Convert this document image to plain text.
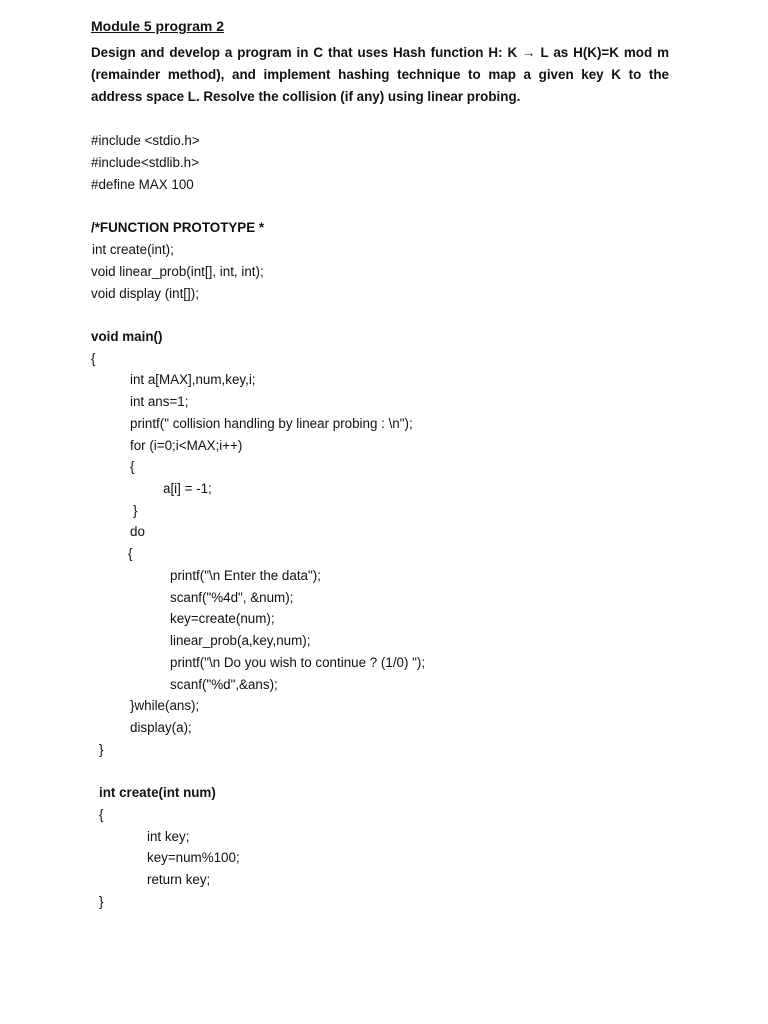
Module 5 program 2
Design and develop a program in C that uses Hash function H: K → L as H(K)=K mod m
(remainder method), and implement hashing technique to map a given key K to the
address space L. Resolve the collision (if any) using linear probing.
#include <stdio.h>
#include<stdlib.h>
#define MAX 100
/*FUNCTION PROTOTYPE *
int create(int);
void linear_prob(int[], int, int);
void display (int[]);
void main()
{
int a[MAX],num,key,i;
int ans=1;
printf(" collision handling by linear probing : \n");
for (i=0;i<MAX;i++)
{
a[i] = -1;
}
do
{
printf("\n Enter the data");
scanf("%4d", &num);
key=create(num);
linear_prob(a,key,num);
printf("\n Do you wish to continue ? (1/0) ");
scanf("%d",&ans);
}while(ans);
display(a);
}
int create(int num)
{
int key;
key=num%100;
return key;
}
